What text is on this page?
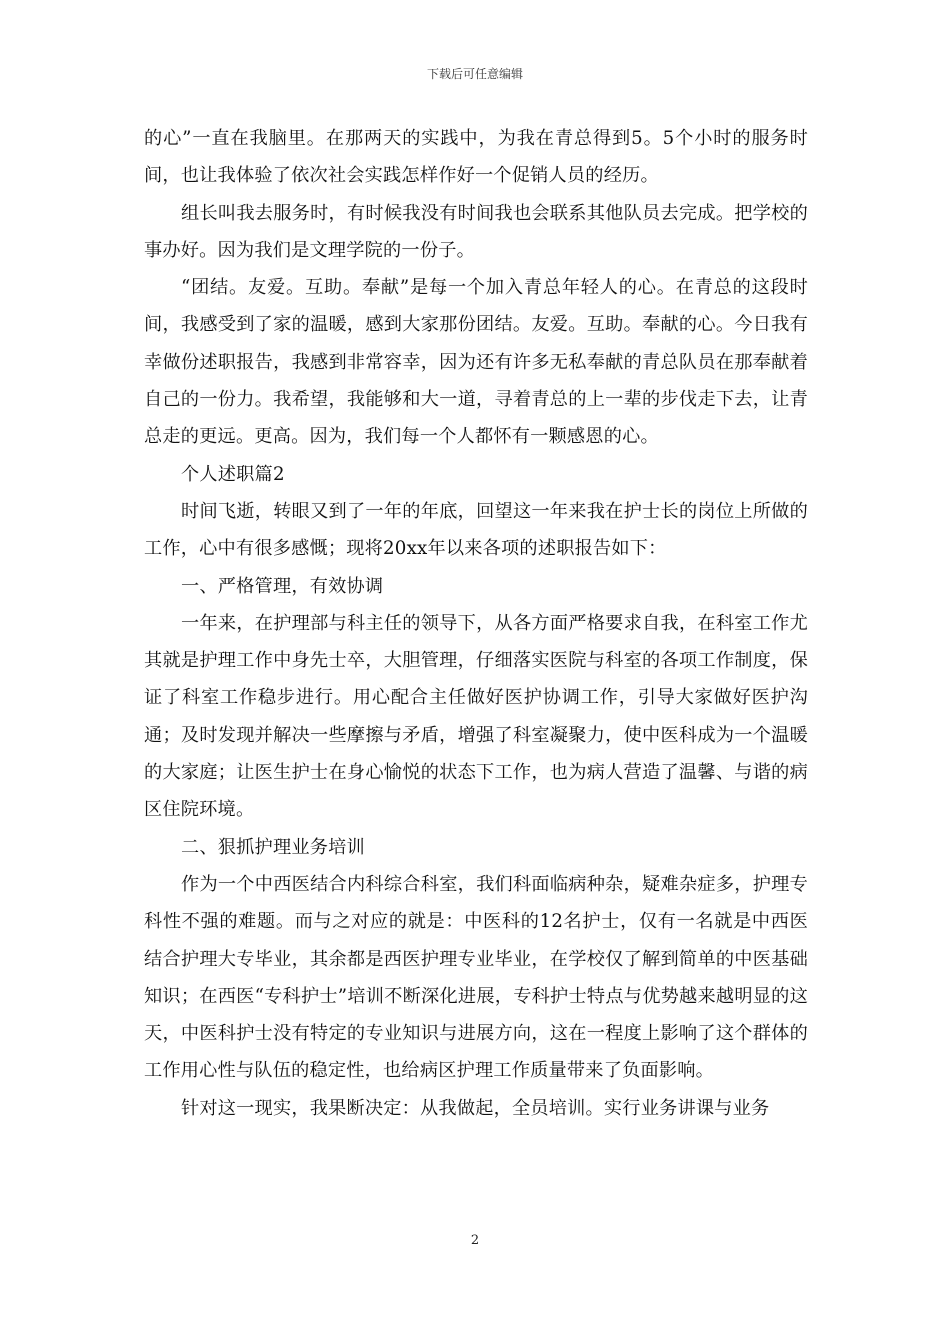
下载后可任意编辑

的心”一直在我脑里。在那两天的实践中，为我在青总得到5。5个小时的服务时间，也让我体验了依次社会实践怎样作好一个促销人员的经历。

组长叫我去服务时，有时候我没有时间我也会联系其他队员去完成。把学校的事办好。因为我们是文理学院的一份子。

“团结。友爱。互助。奉献”是每一个加入青总年轻人的心。在青总的这段时间，我感受到了家的温暖，感到大家那份团结。友爱。互助。奉献的心。今日我有幸做份述职报告，我感到非常容幸，因为还有许多无私奉献的青总队员在那奉献着自己的一份力。我希望，我能够和大一道，寻着青总的上一辈的步伐走下去，让青总走的更远。更高。因为，我们每一个人都怀有一颗感恩的心。

个人述职篇2

时间飞逝，转眼又到了一年的年底，回望这一年来我在护士长的岗位上所做的工作，心中有很多感慨；现将20xx年以来各项的述职报告如下：

一、严格管理，有效协调

一年来，在护理部与科主任的领导下，从各方面严格要求自我，在科室工作尤其就是护理工作中身先士卒，大胆管理，仔细落实医院与科室的各项工作制度，保证了科室工作稳步进行。用心配合主任做好医护协调工作，引导大家做好医护沟通；及时发现并解决一些摩擦与矛盾，增强了科室凝聚力，使中医科成为一个温暖的大家庭；让医生护士在身心愉悦的状态下工作，也为病人营造了温馨、与谐的病区住院环境。

二、狠抓护理业务培训

作为一个中西医结合内科综合科室，我们科面临病种杂，疑难杂症多，护理专科性不强的难题。而与之对应的就是：中医科的12名护士，仅有一名就是中西医结合护理大专毕业，其余都是西医护理专业毕业，在学校仅了解到简单的中医基础知识；在西医“专科护士”培训不断深化进展，专科护士特点与优势越来越明显的这天，中医科护士没有特定的专业知识与进展方向，这在一程度上影响了这个群体的工作用心性与队伍的稳定性，也给病区护理工作质量带来了负面影响。

针对这一现实，我果断决定：从我做起，全员培训。实行业务讲课与业务

2
